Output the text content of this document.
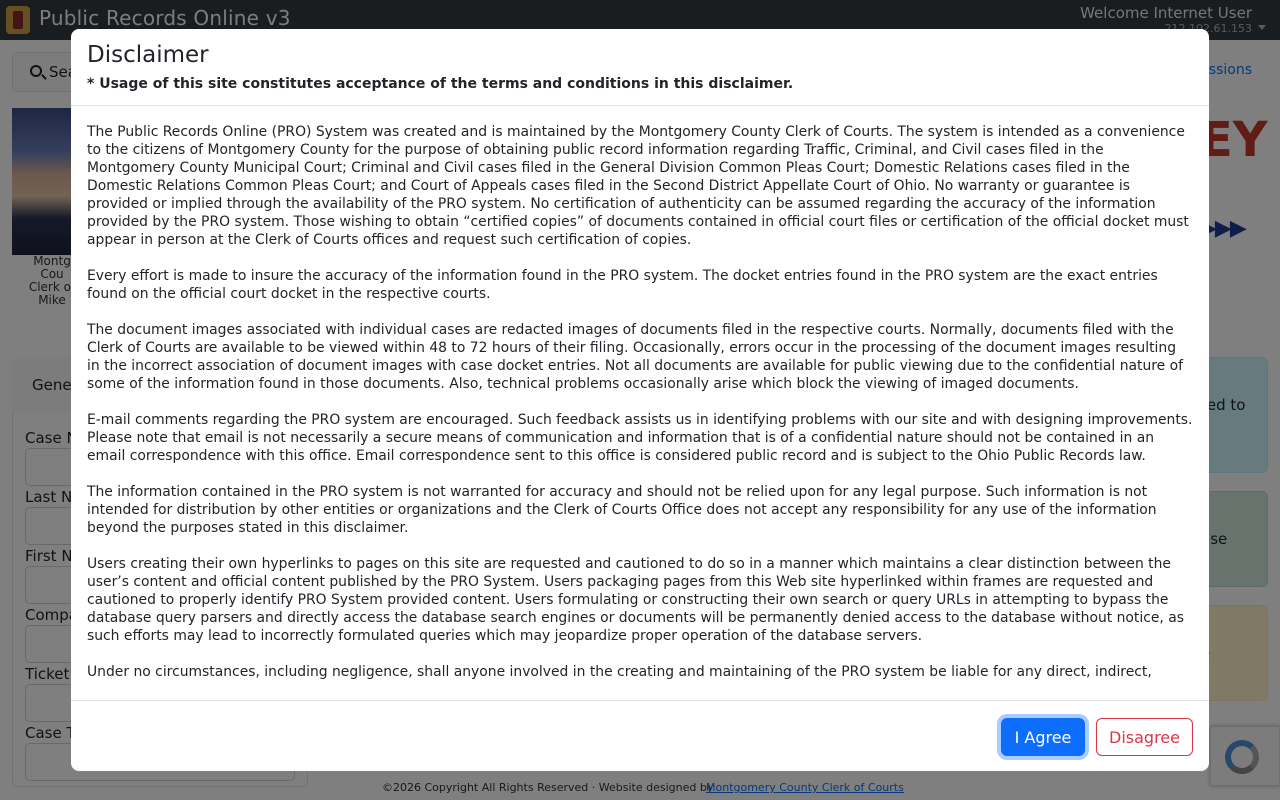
Disclaimer
* Usage of this site constitutes acceptance of the terms and conditions in this disclaimer.

The Public Records Online (PRO) System was created and is maintained by the Montgomery County Clerk of Courts. The system is intended as a convenience to the citizens of Montgomery County for the purpose of obtaining public record information regarding Traffic, Criminal, and Civil cases filed in the Montgomery County Municipal Court; Criminal and Civil cases filed in the General Division Common Pleas Court; Domestic Relations cases filed in the Domestic Relations Common Pleas Court; and Court of Appeals cases filed in the Second District Appellate Court of Ohio. No warranty or guarantee is provided or implied through the availability of the PRO system. No certification of authenticity can be assumed regarding the accuracy of the information provided by the PRO system. Those wishing to obtain “certified copies” of documents contained in official court files or certification of the official docket must appear in person at the Clerk of Courts offices and request such certification of copies.

Every effort is made to insure the accuracy of the information found in the PRO system. The docket entries found in the PRO system are the exact entries found on the official court docket in the respective courts.

The document images associated with individual cases are redacted images of documents filed in the respective courts. Normally, documents filed with the Clerk of Courts are available to be viewed within 48 to 72 hours of their filing. Occasionally, errors occur in the processing of the document images resulting in the incorrect association of document images with case docket entries. Not all documents are available for public viewing due to the confidential nature of some of the information found in those documents. Also, technical problems occasionally arise which block the viewing of imaged documents.

E-mail comments regarding the PRO system are encouraged. Such feedback assists us in identifying problems with our site and with designing improvements. Please note that email is not necessarily a secure means of communication and information that is of a confidential nature should not be contained in an email correspondence with this office. Email correspondence sent to this office is considered public record and is subject to the Ohio Public Records law.

The information contained in the PRO system is not warranted for accuracy and should not be relied upon for any legal purpose. Such information is not intended for distribution by other entities or organizations and the Clerk of Courts Office does not accept any responsibility for any use of the information beyond the purposes stated in this disclaimer.

Users creating their own hyperlinks to pages on this site are requested and cautioned to do so in a manner which maintains a clear distinction between the user’s content and official content published by the PRO System. Users packaging pages from this Web site hyperlinked within frames are requested and cautioned to properly identify PRO System provided content. Users formulating or constructing their own search or query URLs in attempting to bypass the database query parsers and directly access the database search engines or documents will be permanently denied access to the database without notice, as such efforts may lead to incorrectly formulated queries which may jeopardize proper operation of the database servers.

Under no circumstances, including negligence, shall anyone involved in the creating and maintaining of the PRO system be liable for any direct, indirect,

I Agree	Disagree
